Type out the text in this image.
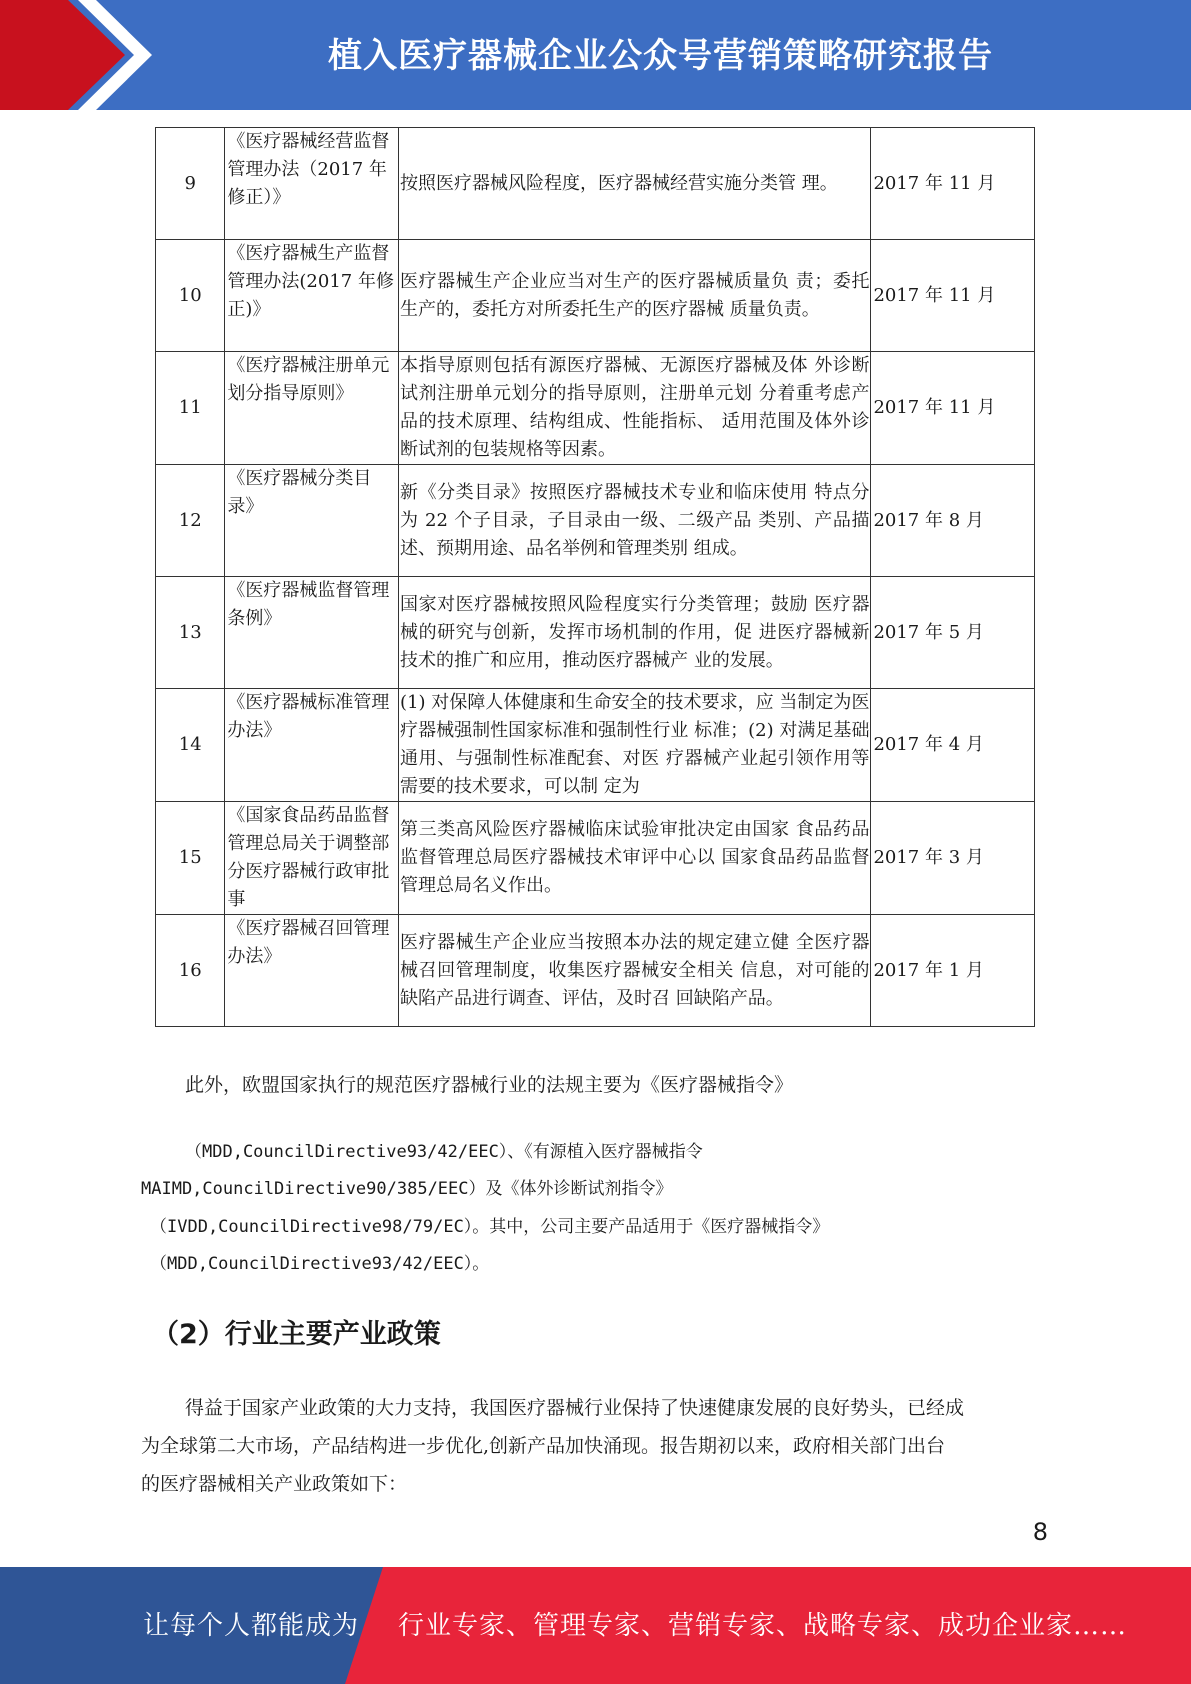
植入医疗器械企业公众号营销策略研究报告
9	《医疗器械经营监督管理办法（2017 年修正）》	按照医疗器械风险程度，医疗器械经营实施分类管 理。	2017 年 11 月

10	《医疗器械生产监督管理办法(2017 年修正)》	医疗器械生产企业应当对生产的医疗器械质量负 责；委托生产的，委托方对所委托生产的医疗器械 质量负责。	2017 年 11 月

11	《医疗器械注册单元划分指导原则》	本指导原则包括有源医疗器械、无源医疗器械及体 外诊断试剂注册单元划分的指导原则，注册单元划 分着重考虑产品的技术原理、结构组成、性能指标、 适用范围及体外诊断试剂的包装规格等因素。	2017 年 11 月

12	《医疗器械分类目录》	新《分类目录》按照医疗器械技术专业和临床使用 特点分为 22 个子目录，子目录由一级、二级产品 类别、产品描述、预期用途、品名举例和管理类别 组成。	2017 年 8 月

13	《医疗器械监督管理条例》	国家对医疗器械按照风险程度实行分类管理；鼓励 医疗器械的研究与创新，发挥市场机制的作用，促 进医疗器械新技术的推广和应用，推动医疗器械产 业的发展。	2017 年 5 月

14	《医疗器械标准管理办法》	(1) 对保障人体健康和生命安全的技术要求，应 当制定为医疗器械强制性国家标准和强制性行业 标准；(2) 对满足基础通用、与强制性标准配套、对医 疗器械产业起引领作用等需要的技术要求，可以制 定为	2017 年 4 月

15	《国家食品药品监督管理总局关于调整部分医疗器械行政审批事	第三类高风险医疗器械临床试验审批决定由国家 食品药品监督管理总局医疗器械技术审评中心以 国家食品药品监督管理总局名义作出。	2017 年 3 月

16	《医疗器械召回管理办法》	医疗器械生产企业应当按照本办法的规定建立健 全医疗器械召回管理制度，收集医疗器械安全相关 信息，对可能的缺陷产品进行调查、评估，及时召 回缺陷产品。	2017 年 1 月
此外，欧盟国家执行的规范医疗器械行业的法规主要为《医疗器械指令》
（MDD,CouncilDirective93/42/EEC）、《有源植入医疗器械指令
MAIMD,CouncilDirective90/385/EEC）及《体外诊断试剂指令》
（IVDD,CouncilDirective98/79/EC）。其中，公司主要产品适用于《医疗器械指令》
（MDD,CouncilDirective93/42/EEC）。
（2）行业主要产业政策
得益于国家产业政策的大力支持，我国医疗器械行业保持了快速健康发展的良好势头，已经成
为全球第二大市场，产品结构进一步优化,创新产品加快涌现。报告期初以来，政府相关部门出台
的医疗器械相关产业政策如下：
8
让每个人都能成为 行业专家、管理专家、营销专家、战略专家、成功企业家……
